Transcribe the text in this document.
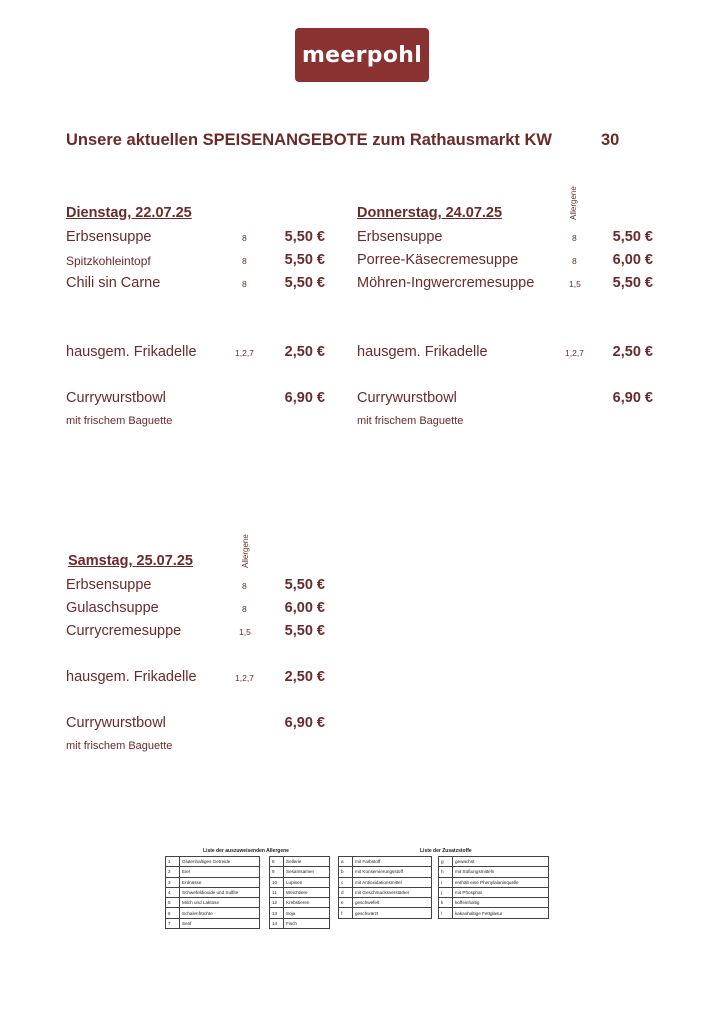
meerpohl
Unsere aktuellen SPEISENANGEBOTE zum Rathausmarkt KW	30
Dienstag, 22.07.25
Erbsensuppe	8	5,50 €
Spitzkohleintopf	8	5,50 €
Chili sin Carne	8	5,50 €
hausgem. Frikadelle	1,2,7	2,50 €
Currywurstbowl	6,90 €
mit frischem Baguette
Allergene
Donnerstag, 24.07.25
Erbsensuppe	8	5,50 €
Porree-Käsecremesuppe	8	6,00 €
Möhren-Ingwercremesuppe	1,5	5,50 €
hausgem. Frikadelle	1,2,7	2,50 €
Currywurstbowl	6,90 €
mit frischem Baguette
Allergene
Samstag, 25.07.25
Erbsensuppe	8	5,50 €
Gulaschsuppe	8	6,00 €
Currycremesuppe	1,5	5,50 €
hausgem. Frikadelle	1,2,7	2,50 €
Currywurstbowl	6,90 €
mit frischem Baguette
Liste der auszuweisenden Allergene
1	Glutenhaltiges Getreide
2	Eier
3	Erdnüsse
4	Schwefeldioxide und Sulfite
5	Milch und Laktose
6	Schalenfrüchte
7	Senf
8	Sellerie
9	Sesamsamen
10	Lupinen
11	Weichtiere
12	Krebstieren
13	Soja
14	Fisch
Liste der Zusatzstoffe
a	mit Farbstoff
b	mit Konservierungsstoff
c	mit Antioxidationsmittel
d	mit Geschmacksverstärker
e	geschwefelt
f	geschwärzt
g	gewachst
h	mit Süßungsmitteln
i	enthält eine Phenylalaninquelle
j	mit Phosphat
k	koffeinhaltig
l	kakaohaltige Fettglasur
